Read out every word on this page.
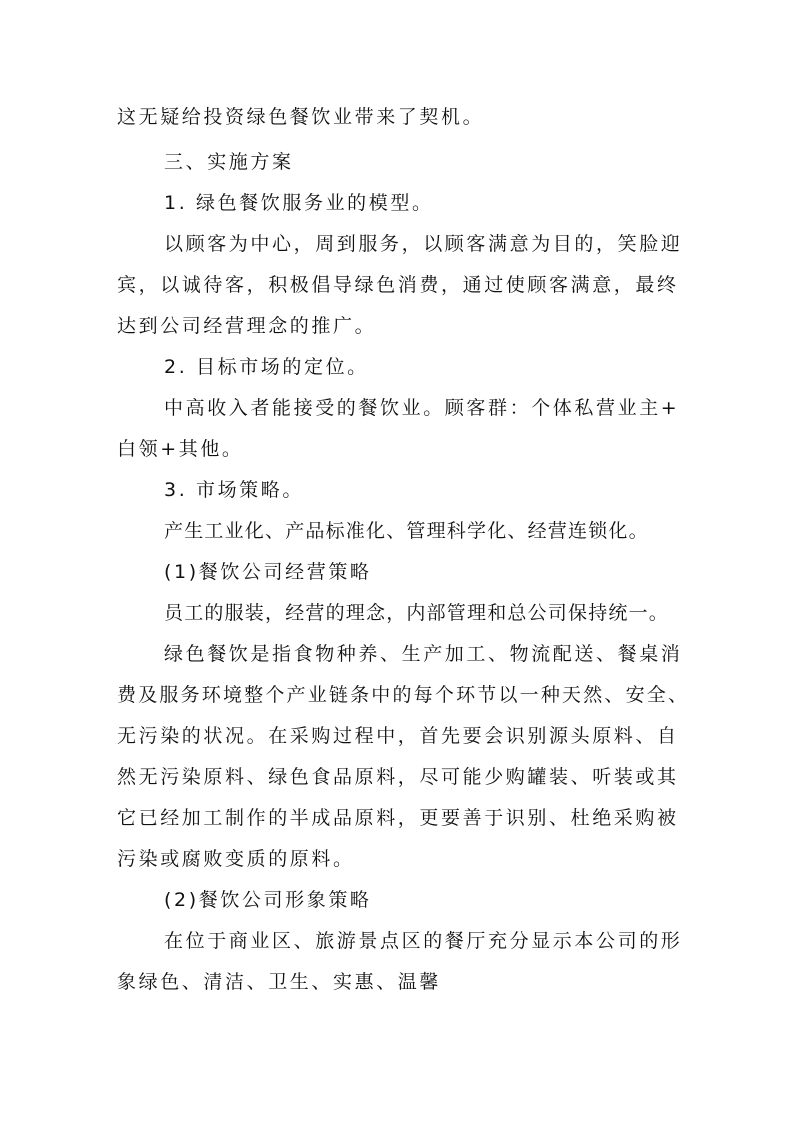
这无疑给投资绿色餐饮业带来了契机。
三、实施方案
1. 绿色餐饮服务业的模型。
以顾客为中心，周到服务，以顾客满意为目的，笑脸迎
宾，以诚待客，积极倡导绿色消费，通过使顾客满意，最终
达到公司经营理念的推广。
2. 目标市场的定位。
中高收入者能接受的餐饮业。顾客群：个体私营业主+
白领+其他。
3. 市场策略。
产生工业化、产品标准化、管理科学化、经营连锁化。
(1)餐饮公司经营策略
员工的服装，经营的理念，内部管理和总公司保持统一。
绿色餐饮是指食物种养、生产加工、物流配送、餐桌消
费及服务环境整个产业链条中的每个环节以一种天然、安全、
无污染的状况。在采购过程中，首先要会识别源头原料、自
然无污染原料、绿色食品原料，尽可能少购罐装、听装或其
它已经加工制作的半成品原料，更要善于识别、杜绝采购被
污染或腐败变质的原料。
(2)餐饮公司形象策略
在位于商业区、旅游景点区的餐厅充分显示本公司的形
象绿色、清洁、卫生、实惠、温馨
